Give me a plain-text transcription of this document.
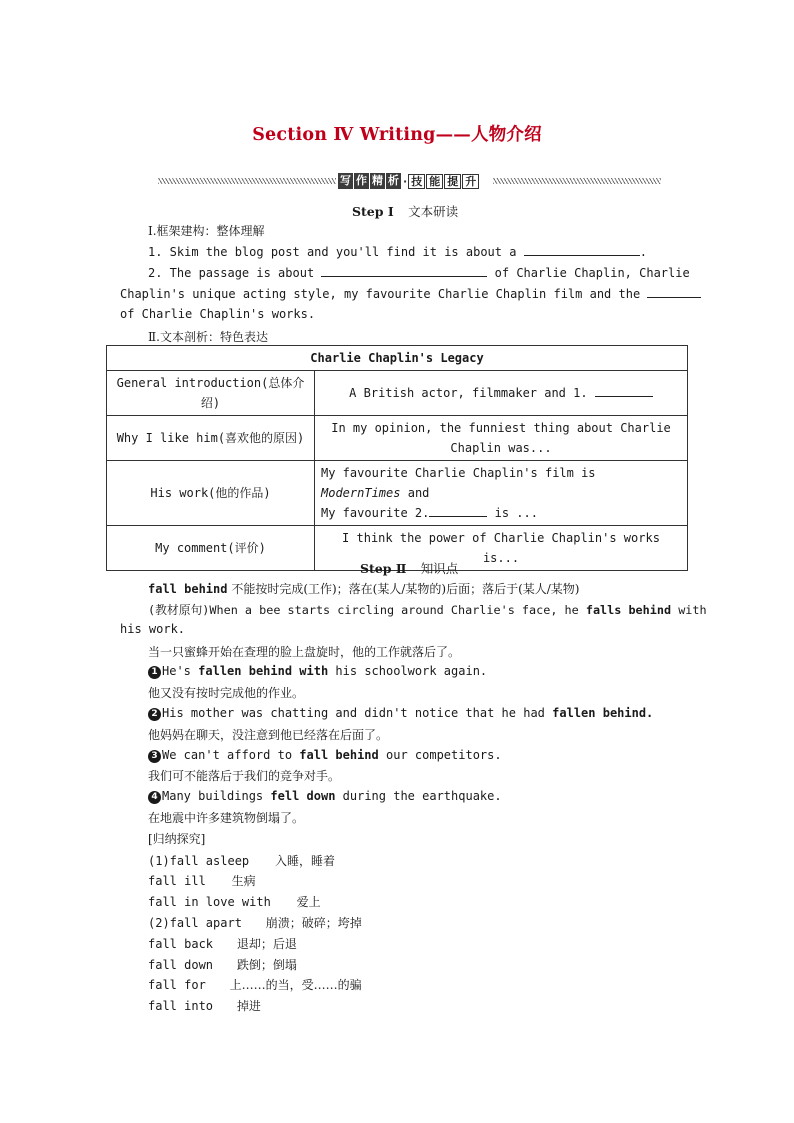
Section Ⅳ Writing——人物介绍
写 作 精 析 · 技 能 提 升
Step Ⅰ 文本研读
Ⅰ.框架建构：整体理解
1. Skim the blog post and you'll find it is about a	.
2. The passage is about	of Charlie Chaplin, Charlie
Chaplin's unique acting style, my favourite Charlie Chaplin film and the
of Charlie Chaplin's works.
Ⅱ.文本剖析：特色表达
Charlie Chaplin's Legacy	
General introduction(总体介绍)	A British actor, filmmaker and 1.
Why I like him(喜欢他的原因)	In my opinion, the funniest thing about Charlie Chaplin was...
His work(他的作品)	My favourite Charlie Chaplin's film is ModernTimes and
My favourite 2. is ...

My comment(评价)	I think the power of Charlie Chaplin's works is...
Step Ⅱ 知识点
fall behind 不能按时完成(工作)；落在(某人/某物的)后面；落后于(某人/某物)
(教材原句)When a bee starts circling around Charlie's face, he falls behind with
his work.
当一只蜜蜂开始在查理的脸上盘旋时，他的工作就落后了。
1 He's fallen behind with his schoolwork again.
他又没有按时完成他的作业。
2 His mother was chatting and didn't notice that he had fallen behind.
他妈妈在聊天，没注意到他已经落在后面了。
3 We can't afford to fall behind our competitors.
我们可不能落后于我们的竞争对手。
4 Many buildings fell down during the earthquake.
在地震中许多建筑物倒塌了。
[归纳探究]
(1)fall asleep 入睡，睡着
fall ill 生病
fall in love with 爱上
(2)fall apart 崩溃；破碎；垮掉
fall back 退却；后退
fall down 跌倒；倒塌
fall for 上……的当，受……的骗
fall into 掉进
